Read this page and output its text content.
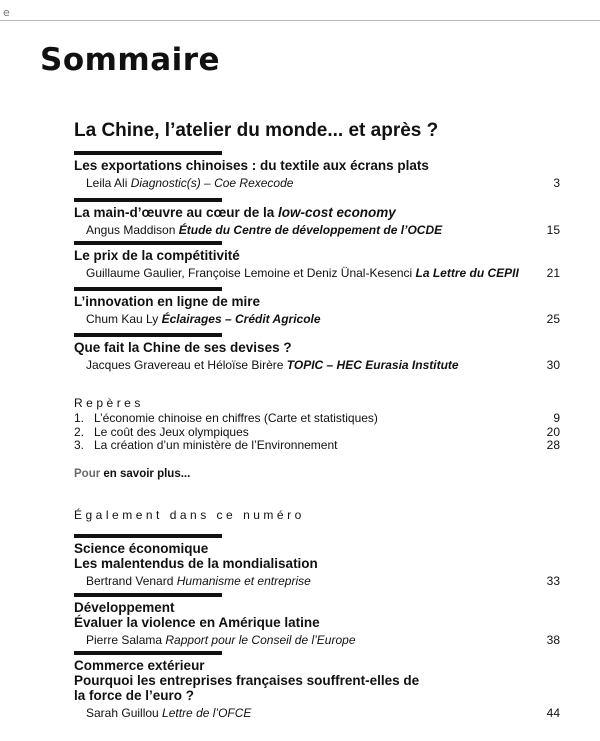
e
Sommaire
La Chine, l’atelier du monde... et après ?
Les exportations chinoises : du textile aux écrans plats
Leila Ali Diagnostic(s) – Coe Rexecode	3
La main-d’œuvre au cœur de la low-cost economy
Angus Maddison Étude du Centre de développement de l’OCDE	15
Le prix de la compétitivité
Guillaume Gaulier, Françoise Lemoine et Deniz Ünal-Kesenci La Lettre du CEPII 21
L’innovation en ligne de mire
Chum Kau Ly Éclairages – Crédit Agricole	25
Que fait la Chine de ses devises ?
Jacques Gravereau et Héloïse Birère TOPIC – HEC Eurasia Institute	30
Repères
1. L’économie chinoise en chiffres (Carte et statistiques)	9
2. Le coût des Jeux olympiques	20
3. La création d’un ministère de l’Environnement	28
Pour en savoir plus...
Également dans ce numéro
Science économique
Les malentendus de la mondialisation
Bertrand Venard Humanisme et entreprise	33
Développement
Évaluer la violence en Amérique latine
Pierre Salama Rapport pour le Conseil de l’Europe	38
Commerce extérieur
Pourquoi les entreprises françaises souffrent-elles de la force de l’euro ?
Sarah Guillou Lettre de l’OFCE	44
